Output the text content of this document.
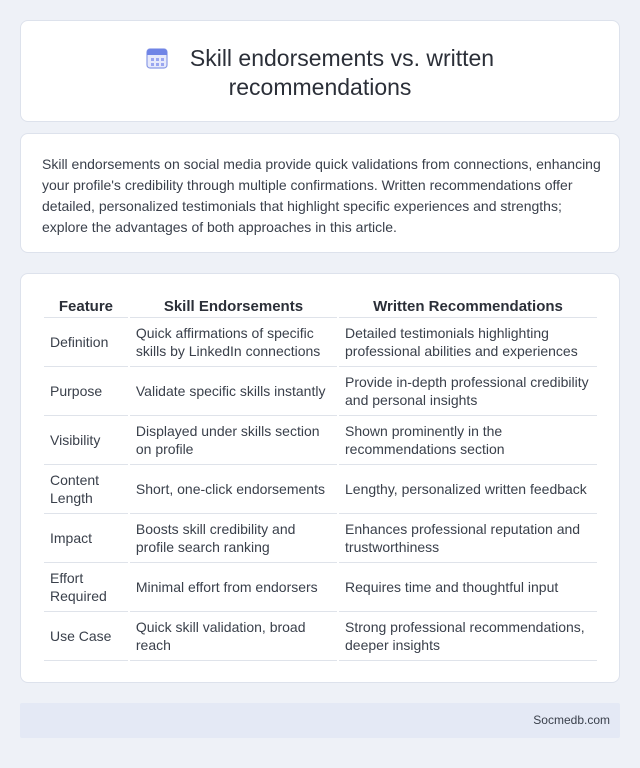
Skill endorsements vs. written recommendations

Skill endorsements on social media provide quick validations from connections, enhancing your profile's credibility through multiple confirmations. Written recommendations offer detailed, personalized testimonials that highlight specific experiences and strengths; explore the advantages of both approaches in this article.

Feature	Skill Endorsements	Written Recommendations
Definition	Quick affirmations of specific skills by LinkedIn connections	Detailed testimonials highlighting professional abilities and experiences
Purpose	Validate specific skills instantly	Provide in-depth professional credibility and personal insights
Visibility	Displayed under skills section on profile	Shown prominently in the recommendations section
Content Length	Short, one-click endorsements	Lengthy, personalized written feedback
Impact	Boosts skill credibility and profile search ranking	Enhances professional reputation and trustworthiness
Effort Required	Minimal effort from endorsers	Requires time and thoughtful input
Use Case	Quick skill validation, broad reach	Strong professional recommendations, deeper insights
Socmedb.com
